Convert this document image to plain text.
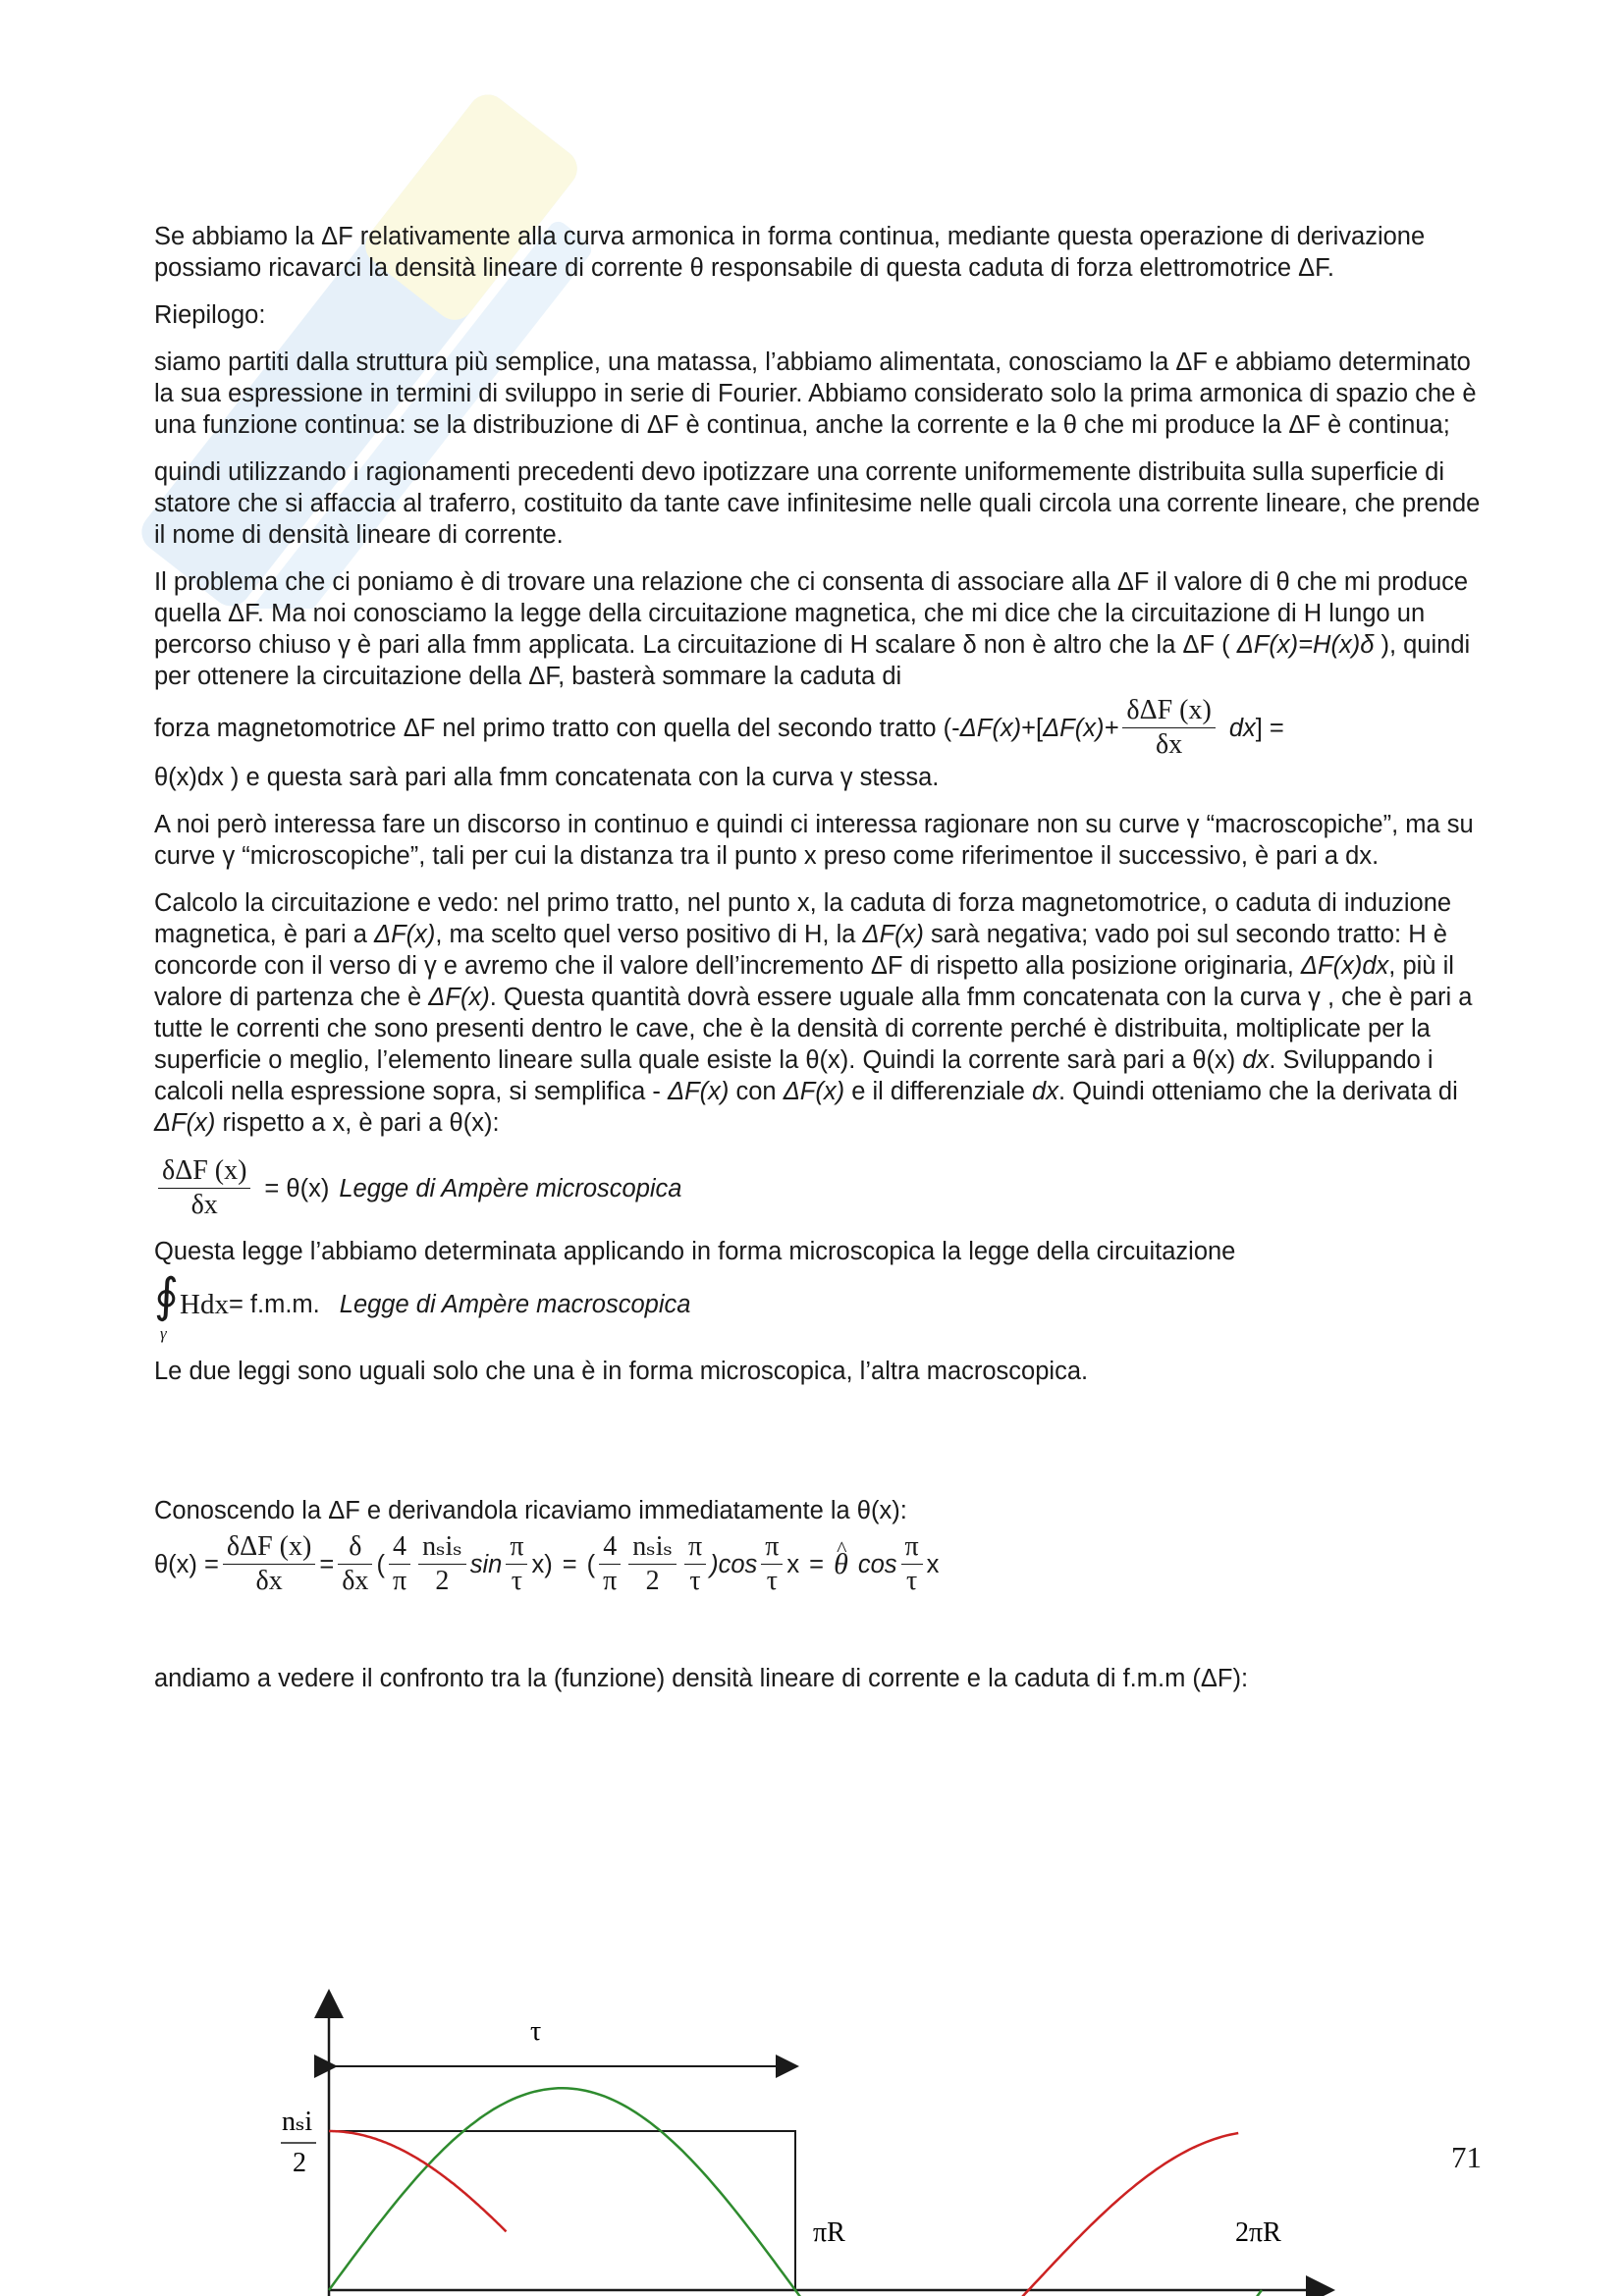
Se abbiamo la ΔF relativamente alla curva armonica in forma continua, mediante questa operazione di derivazione possiamo ricavarci la densità lineare di corrente θ responsabile di questa caduta di forza elettromotrice ΔF.

Riepilogo:

siamo partiti dalla struttura più semplice, una matassa, l’abbiamo alimentata, conosciamo la ΔF e abbiamo determinato la sua espressione in termini di sviluppo in serie di Fourier. Abbiamo considerato solo la prima armonica di spazio che è una funzione continua: se la distribuzione di ΔF è continua, anche la corrente e la θ che mi produce la ΔF è continua;

quindi utilizzando i ragionamenti precedenti devo ipotizzare una corrente uniformemente distribuita sulla superficie di statore che si affaccia al traferro, costituito da tante cave infinitesime nelle quali circola una corrente lineare, che prende il nome di densità lineare di corrente.

Il problema che ci poniamo è di trovare una relazione che ci consenta di associare alla ΔF il valore di θ che mi produce quella ΔF. Ma noi conosciamo la legge della circuitazione magnetica, che mi dice che la circuitazione di H lungo un percorso chiuso γ è pari alla fmm applicata. La circuitazione di H scalare δ non è altro che la ΔF ( ΔF(x)=H(x)δ ), quindi per ottenere la circuitazione della ΔF, basterà sommare la caduta di

forza magnetomotrice ΔF nel primo tratto con quella del secondo tratto (- ΔF(x) +[ $\Delta F(x)+ \frac{\text{δΔF (x)}}{\delta x}$ dx ] =

θ(x)dx ) e questa sarà pari alla fmm concatenata con la curva γ stessa.

A noi però interessa fare un discorso in continuo e quindi ci interessa ragionare non su curve γ “macroscopiche”, ma su curve γ “microscopiche”, tali per cui la distanza tra il punto x preso come riferimentoe il successivo, è pari a dx.

Calcolo la circuitazione e vedo: nel primo tratto, nel punto x, la caduta di forza magnetomotrice, o caduta di induzione magnetica, è pari a ΔF(x), ma scelto quel verso positivo di H, la ΔF(x) sarà negativa; vado poi sul secondo tratto: H è concorde con il verso di γ e avremo che il valore dell’incremento ΔF di rispetto alla posizione originaria, ΔF(x)dx, più il valore di partenza che è ΔF(x). Questa quantità dovrà essere uguale alla fmm concatenata con la curva γ , che è pari a tutte le correnti che sono presenti dentro le cave, che è la densità di corrente perché è distribuita, moltiplicate per la superficie o meglio, l’elemento lineare sulla quale esiste la θ(x). Quindi la corrente sarà pari a θ(x) dx. Sviluppando i calcoli nella espressione sopra, si semplifica - ΔF(x) con ΔF(x) e il differenziale dx. Quindi otteniamo che la derivata di ΔF(x) rispetto a x, è pari a θ(x):

$\frac{\text{δΔF (x)}}{\delta x} = \theta(x)$ Legge di Ampère microscopica

Questa legge l’abbiamo determinata applicando in forma microscopica la legge della circuitazione

∮
γ
Hdx = f.m.m. Legge di Ampère macroscopica

Le due leggi sono uguali solo che una è in forma microscopica, l’altra macroscopica.

Conoscendo la ΔF e derivandola ricaviamo immediatamente la θ(x):

$\theta(x) = \frac{\text{δΔF (x)}}{\delta x} = \frac{\delta}{\delta x}$ ( $\frac{4}{\pi} \frac{\text{nₛiₛ}}{2}$ $\sin \frac{\pi}{\tau} x$) = ( $\frac{4}{\pi} \frac{\text{nₛiₛ}}{2} \frac{\pi}{\tau} )\cos \frac{\pi}{\tau}$ x =
^ θ $\cos \frac{\pi}{\tau}$ x

andiamo a vedere il confronto tra la (funzione) densità lineare di corrente e la caduta di f.m.m (ΔF):

τ
nₛi
2
πR	2πR
71
